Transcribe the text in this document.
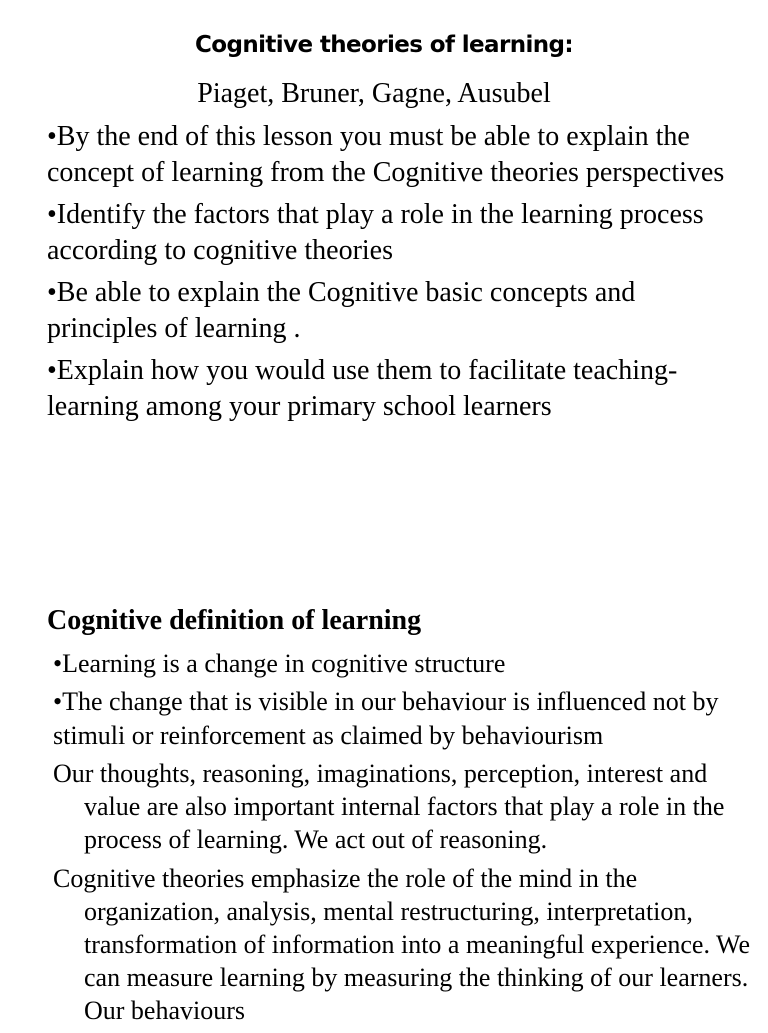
Cognitive theories of learning:
Piaget, Bruner, Gagne, Ausubel

•By the end of this lesson you must be able to explain the concept of learning from the Cognitive theories perspectives

•Identify the factors that play a role in the learning process according to cognitive theories

•Be able to explain the Cognitive basic concepts and principles of learning .

•Explain how you would use them to facilitate teaching-learning among your primary school learners

Cognitive definition of learning

•Learning is a change in cognitive structure

•The change that is visible in our behaviour is influenced not by stimuli or reinforcement as claimed by behaviourism

Our thoughts, reasoning, imaginations, perception, interest and value are also important internal factors that play a role in the process of learning. We act out of reasoning.

Cognitive theories emphasize the role of the mind in the organization, analysis, mental restructuring, interpretation, transformation of information into a meaningful experience. We can measure learning by measuring the thinking of our learners. Our behaviours
